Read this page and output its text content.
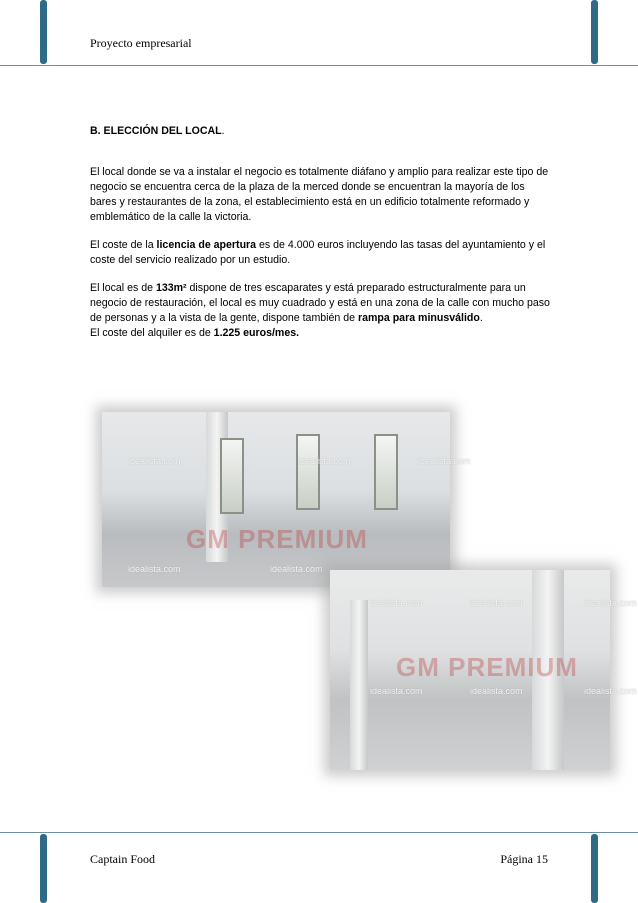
Proyecto empresarial

B. ELECCIÓN DEL LOCAL.

El local donde se va a instalar el negocio es totalmente diáfano y amplio para realizar este tipo de negocio se encuentra cerca de la plaza de la merced donde se encuentran la mayoría de los bares y restaurantes de la zona, el establecimiento está en un edificio totalmente reformado y emblemático de la calle la victoria.

El coste de la licencia de apertura es de 4.000 euros incluyendo las tasas del ayuntamiento y el coste del servicio realizado por un estudio.

El local es de 133m² dispone de tres escaparates y está preparado estructuralmente para un negocio de restauración, el local es muy cuadrado y está en una zona de la calle con mucho paso de personas y a la vista de la gente, dispone también de rampa para minusválido.

El coste del alquiler es de 1.225 euros/mes.

idealista.com	idealista.com	idealista.com
idealista.com	idealista.com
GM PREMIUM
idealista.com	idealista.com	idealista.com
idealista.com	idealista.com	idealista.com
GM PREMIUM
Captain Food	Página 15
